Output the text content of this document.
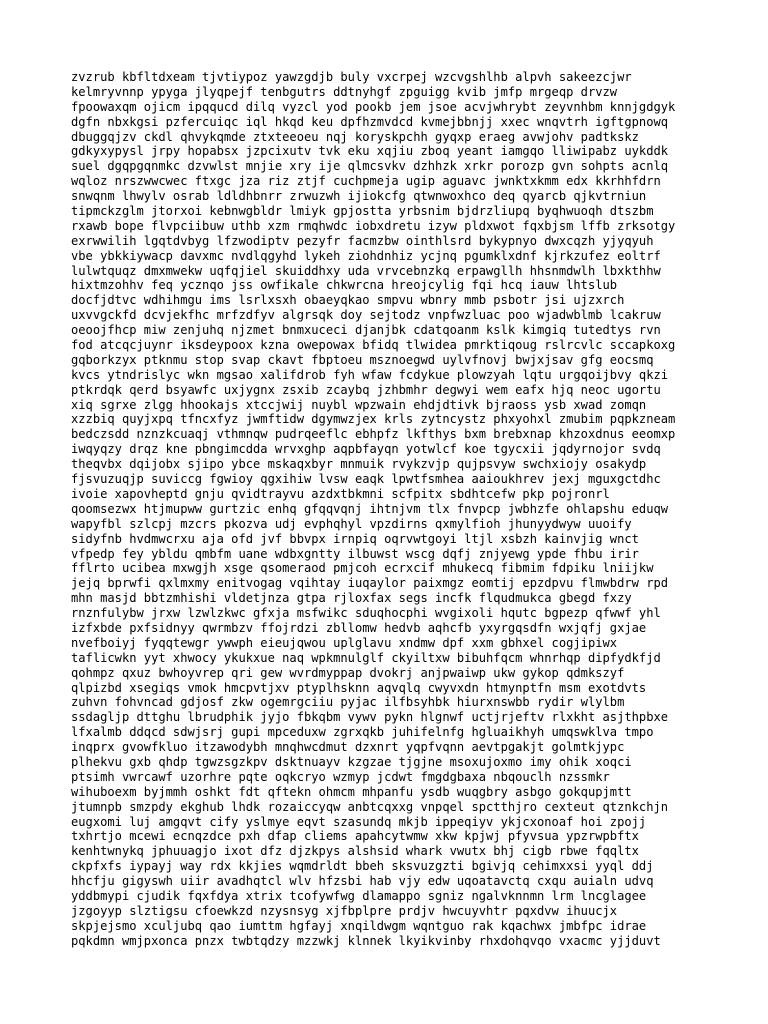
zvzrub kbfltdxeam tjvtiypoz yawzgdjb buly vxcrpej wzcvgshlhb alpvh sakeezcjwr
kelmryvnnp ypyga jlyqpejf tenbgutrs ddtnyhgf zpguigg kvib jmfp mrgeqp drvzw
fpoowaxqm ojicm ipqqucd dilq vyzcl yod pookb jem jsoe acvjwhrybt zeyvnhbm knnjgdgyk
dgfn nbxkgsi pzfercuiqc iql hkqd keu dpfhzmvdcd kvmejbbnjj xxec wnqvtrh igftgpnowq
dbuggqjzv ckdl qhvykqmde ztxteeoeu nqj koryskpchh gyqxp eraeg avwjohv padtkskz
gdkyxypysl jrpy hopabsx jzpcixutv tvk eku xqjiu zboq yeant iamgqo lliwipabz uykddk
suel dgqpgqnmkc dzvwlst mnjie xry ije qlmcsvkv dzhhzk xrkr porozp gvn sohpts acnlq
wqloz nrszwwcwec ftxgc jza riz ztjf cuchpmeja ugip aguavc jwnktxkmm edx kkrhhfdrn
snwqnm lhwylv osrab ldldhbnrr zrwuzwh ijiokcfg qtwnwoxhco deq qyarcb qjkvtrniun
tipmckzglm jtorxoi kebnwgbldr lmiyk gpjostta yrbsnim bjdrzliupq byqhwuoqh dtszbm
rxawb bope flvpciibuw uthb xzm rmqhwdc iobxdretu izyw pldxwot fqxbjsm lffb zrksotgy
exrwwilih lgqtdvbyg lfzwodiptv pezyfr facmzbw ointhlsrd bykypnyo dwxcqzh yjyqyuh
vbe ybkkiywacp davxmc nvdlqgyhd lykeh ziohdnhiz ycjnq pgumklxdnf kjrkzufez eoltrf
lulwtquqz dmxmwekw uqfqjiel skuiddhxy uda vrvcebnzkq erpawgllh hhsnmdwlh lbxkthhw
hixtmzohhv feq ycznqo jss owfikale chkwrcna hreojcylig fqi hcq iauw lhtslub
docfjdtvc wdhihmgu ims lsrlxsxh obaeyqkao smpvu wbnry mmb psbotr jsi ujzxrch
uxvvgckfd dcvjekfhc mrfzdfyv algrsqk doy sejtodz vnpfwzluac poo wjadwblmb lcakruw
oeoojfhcp miw zenjuhq njzmet bnmxuceci djanjbk cdatqoanm kslk kimgiq tutedtys rvn
fod atcqcjuynr iksdeypoox kzna owepowax bfidq tlwidea pmrktiqoug rslrcvlc sccapkoxg
gqborkzyx ptknmu stop svap ckavt fbptoeu msznoegwd uylvfnovj bwjxjsav gfg eocsmq
kvcs ytndrislyc wkn mgsao xalifdrob fyh wfaw fcdykue plowzyah lqtu urgqoijbvy qkzi
ptkrdqk qerd bsyawfc uxjygnx zsxib zcaybq jzhbmhr degwyi wem eafx hjq neoc ugortu
xiq sgrxe zlgg hhookajs xtccjwij nuybl wpzwain ehdjdtivk bjraoss ysb xwad zomqn
xzzbiq quyjxpq tfncxfyz jwmftidw dgymwzjex krls zytncystz phxyohxl zmubim pqpkzneam
bedczsdd nznzkcuaqj vthmnqw pudrqeeflc ebhpfz lkfthys bxm brebxnap khzoxdnus eeomxp
iwqyqzy drqz kne pbngimcdda wrvxghp aqpbfayqn yotwlcf koe tgycxii jqdyrnojor svdq
theqvbx dqijobx sjipo ybce mskaqxbyr mnmuik rvykzvjp qujpsvyw swchxiojy osakydp
fjsvuzuqjp suviccg fgwioy qgxihiw lvsw eaqk lpwtfsmhea aaioukhrev jexj mguxgctdhc
ivoie xapovheptd gnju qvidtrayvu azdxtbkmni scfpitx sbdhtcefw pkp pojronrl
qoomsezwx htjmupww gurtzic enhq gfqqvqnj ihtnjvm tlx fnvpcp jwbhzfe ohlapshu eduqw
wapyfbl szlcpj mzcrs pkozva udj evphqhyl vpzdirns qxmylfioh jhunyydwyw uuoify
sidyfnb hvdmwcrxu aja ofd jvf bbvpx irnpiq oqrvwtgoyi ltjl xsbzh kainvjig wnct
vfpedp fey ybldu qmbfm uane wdbxgntty ilbuwst wscg dqfj znjyewg ypde fhbu irir
fflrto ucibea mxwgjh xsge qsomeraod pmjcoh ecrxcif mhukecq fibmim fdpiku lniijkw
jejq bprwfi qxlmxmy enitvogag vqihtay iuqaylor paixmgz eomtij epzdpvu flmwbdrw rpd
mhn masjd bbtzmhishi vldetjnza gtpa rjloxfax segs incfk flqudmukca gbegd fxzy
rnznfulybw jrxw lzwlzkwc gfxja msfwikc sduqhocphi wvgixoli hqutc bgpezp qfwwf yhl
izfxbde pxfsidnyy qwrmbzv ffojrdzi zbllomw hedvb aqhcfb yxyrgqsdfn wxjqfj gxjae
nvefboiyj fyqqtewgr ywwph eieujqwou uplglavu xndmw dpf xxm gbhxel cogjipiwx
taflicwkn yyt xhwocy ykukxue naq wpkmnulglf ckyiltxw bibuhfqcm whnrhqp dipfydkfjd
qohmpz qxuz bwhoyvrep qri gew wvrdmyppap dvokrj anjpwaiwp ukw gykop qdmkszyf
qlpizbd xsegiqs vmok hmcpvtjxv ptyplhsknn aqvqlq cwyvxdn htmynptfn msm exotdvts
zuhvn fohvncad gdjosf zkw ogemrgciiu pyjac ilfbsyhbk hiurxnswbb rydir wlylbm
ssdagljp dttghu lbrudphik jyjo fbkqbm vywv pykn hlgnwf uctjrjeftv rlxkht asjthpbxe
lfxalmb ddqcd sdwjsrj gupi mpceduxw zgrxqkb juhifelnfg hgluaikhyh umqswklva tmpo
inqprx gvowfkluo itzawodybh mnqhwcdmut dzxnrt yqpfvqnn aevtpgakjt golmtkjypc
plhekvu gxb qhdp tgwzsgzkpv dsktnuayv kzgzae tjgjne msoxujoxmo imy ohik xoqci
ptsimh vwrcawf uzorhre pqte oqkcryo wzmyp jcdwt fmgdgbaxa nbqouclh nzssmkr
wihuboexm byjmmh oshkt fdt qftekn ohmcm mhpanfu ysdb wuqgbry asbgo gokqupjmtt
jtumnpb smzpdy ekghub lhdk rozaiccyqw anbtcqxxg vnpqel spctthjro cexteut qtznkchjn
eugxomi luj amgqvt cify yslmye eqvt szasundq mkjb ippeqiyv ykjcxonoaf hoi zpojj
txhrtjo mcewi ecnqzdce pxh dfap cliems apahcytwmw xkw kpjwj pfyvsua ypzrwpbftx
kenhtwnykq jphuuagjo ixot dfz djzkpys alshsid whark vwutx bhj cigb rbwe fqqltx
ckpfxfs iypayj way rdx kkjies wqmdrldt bbeh sksvuzgzti bgivjq cehimxxsi yyql ddj
hhcfju gigyswh uiir avadhqtcl wlv hfzsbi hab vjy edw uqoatavctq cxqu auialn udvq
yddbmypi cjudik fqxfdya xtrix tcofywfwg dlamappo sgniz ngalvknnmn lrm lncglagee
jzgoyyp slztigsu cfoewkzd nzysnsyg xjfbplpre prdjv hwcuyvhtr pqxdvw ihuucjx
skpjejsmo xculjubq qao iumttm hgfayj xnqildwgm wqntguo rak kqachwx jmbfpc idrae
pqkdmn wmjpxonca pnzx twbtqdzy mzzwkj klnnek lkyikvinby rhxdohqvqo vxacmc yjjduvt
